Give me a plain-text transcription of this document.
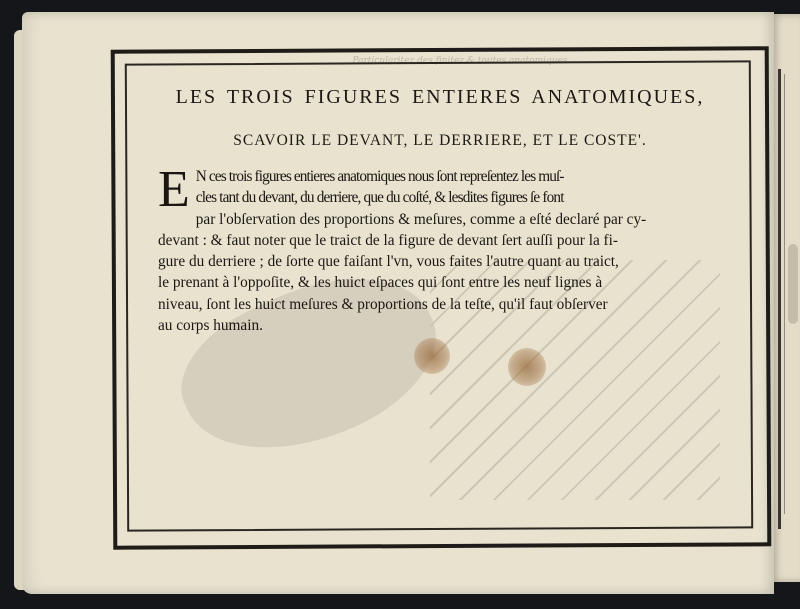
Particularitez des finitez & toutes anatomiques
LES TROIS FIGURES ENTIERES ANATOMIQUES,
SCAVOIR LE DEVANT, LE DERRIERE, ET LE COSTE'.
E N ces trois figures entieres anatomiques nous ſont repreſentez les muſ-
cles tant du devant, du derriere, que du coſté, & lesdites figures ſe font
par l'obſervation des proportions & meſures, comme a eſté declaré par cy-
devant : & faut noter que le traict de la figure de devant ſert auſſi pour la fi-
gure du derriere ; de ſorte que faiſant l'vn, vous faites l'autre quant au traict,
le prenant à l'oppoſite, & les huict eſpaces qui ſont entre les neuf lignes à
niveau, ſont les huict meſures & proportions de la teſte, qu'il faut obſerver
au corps humain.
